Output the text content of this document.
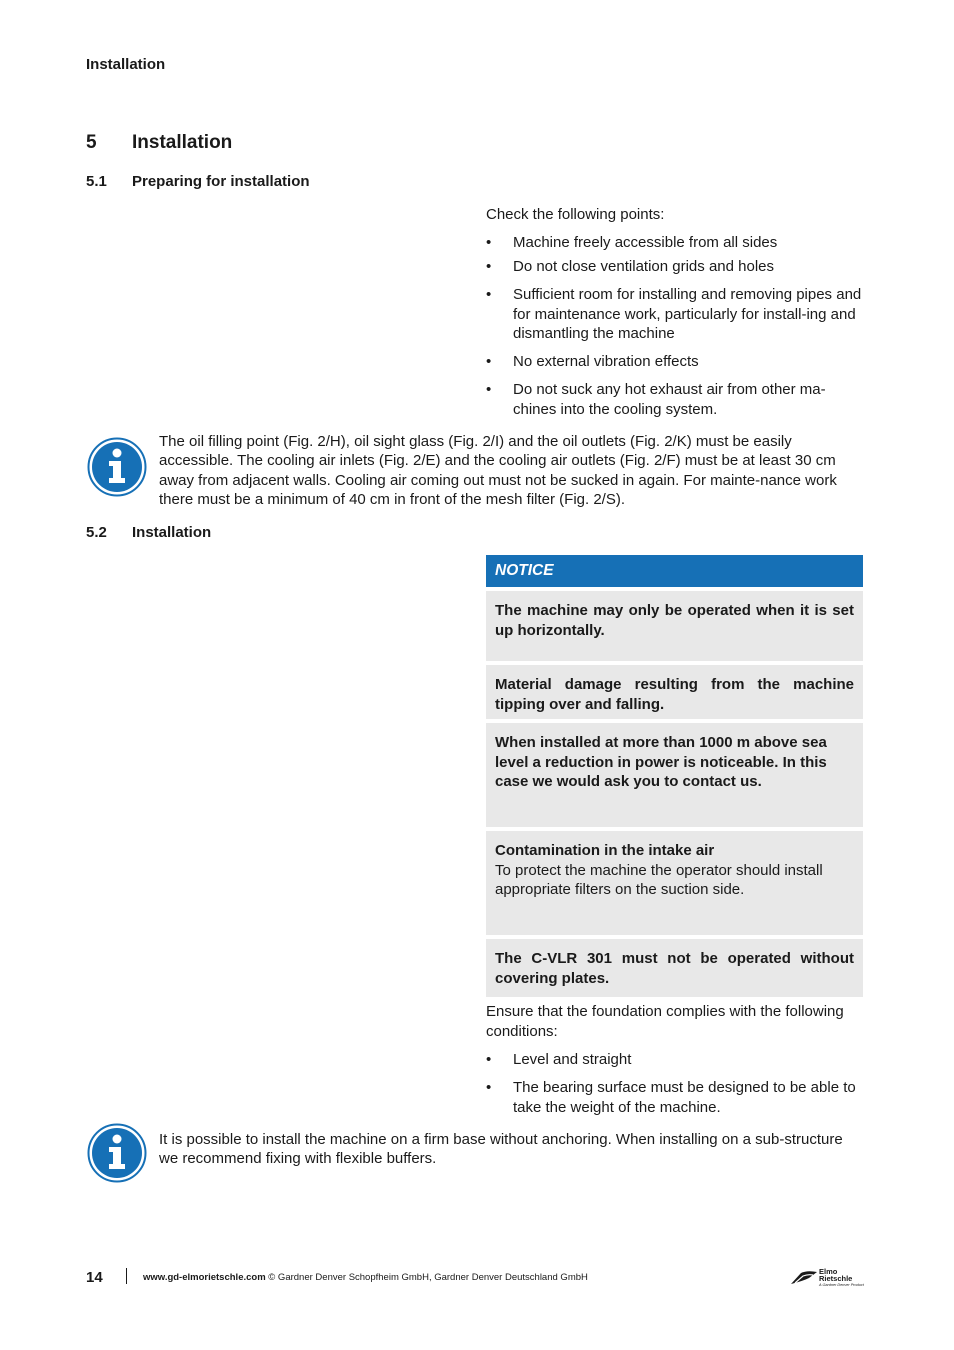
Installation
5 Installation
5.1 Preparing for installation

Check the following points:

• Machine freely accessible from all sides
• Do not close ventilation grids and holes
• Sufficient room for installing and removing pipes and for maintenance work, particularly for install-ing and dismantling the machine
• No external vibration effects
• Do not suck any hot exhaust air from other ma-chines into the cooling system.
The oil filling point (Fig. 2/H), oil sight glass (Fig. 2/I) and the oil outlets (Fig. 2/K) must be easily accessible. The cooling air inlets (Fig. 2/E) and the cooling air outlets (Fig. 2/F) must be at least 30 cm away from adjacent walls. Cooling air coming out must not be sucked in again. For mainte-nance work there must be a minimum of 40 cm in front of the mesh filter (Fig. 2/S).
5.2 Installation
NOTICE
The machine may only be operated when it is set up horizontally.
Material damage resulting from the machine tipping over and falling.
When installed at more than 1000 m above sea level a reduction in power is noticeable. In this case we would ask you to contact us.
Contamination in the intake air
To protect the machine the operator should install appropriate filters on the suction side.
The C-VLR 301 must not be operated without covering plates.

Ensure that the foundation complies with the following conditions:

• Level and straight
• The bearing surface must be designed to be able to take the weight of the machine.
It is possible to install the machine on a firm base without anchoring. When installing on a sub-structure we recommend fixing with flexible buffers.
14	www.gd-elmorietschle.com © Gardner Denver Schopfheim GmbH, Gardner Denver Deutschland GmbH
Elmo
Rietschle
A Gardner Denver Product
